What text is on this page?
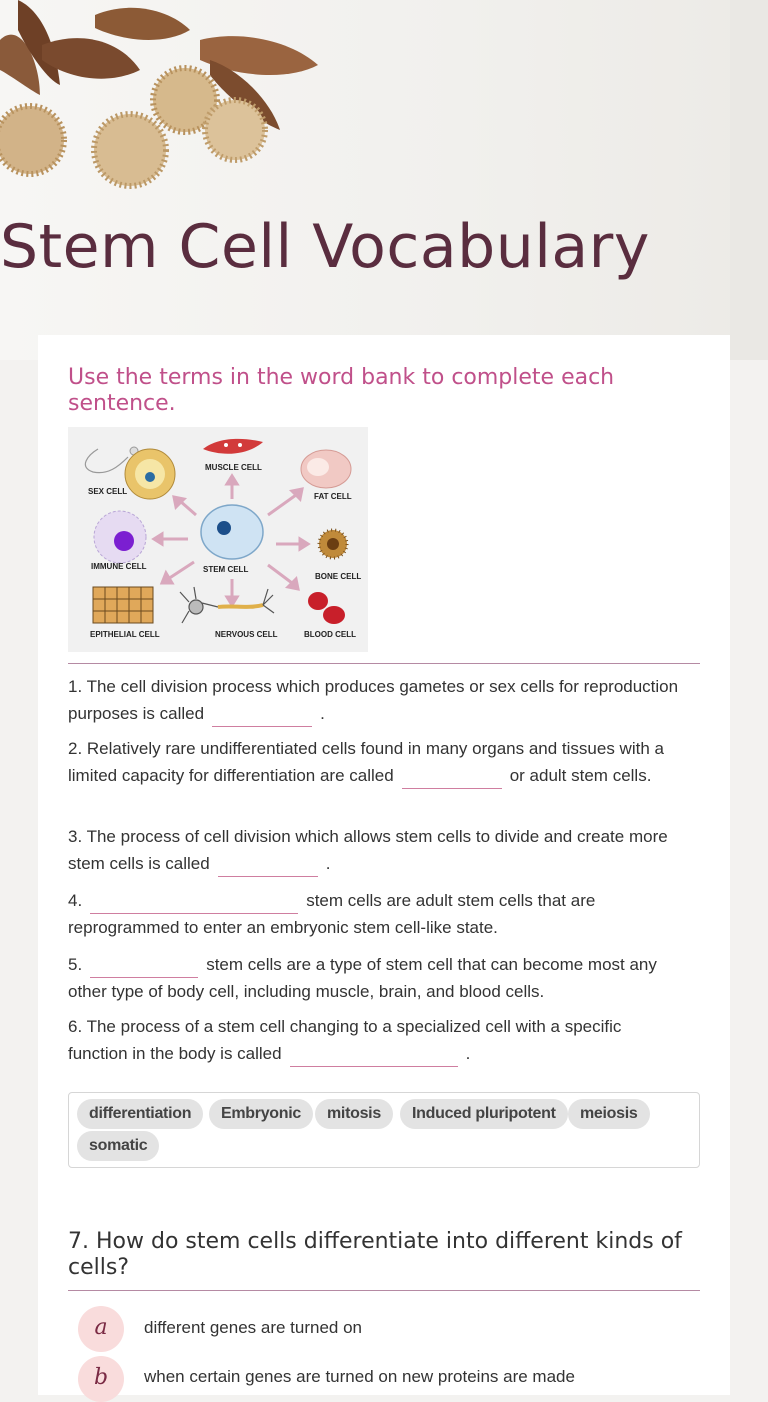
Stem Cell Vocabulary
Use the terms in the word bank to complete each sentence.
STEM CELL
SEX CELL
MUSCLE CELL
FAT CELL
IMMUNE CELL
BONE CELL
EPITHELIAL CELL	NERVOUS CELL	BLOOD CELL

1. The cell division process which produces gametes or sex cells for reproduction purposes is called	.

2. Relatively rare undifferentiated cells found in many organs and tissues with a limited capacity for differentiation are called	or adult stem cells.

3. The process of cell division which allows stem cells to divide and create more stem cells is called	.

4.	stem cells are adult stem cells that are reprogrammed to enter an embryonic stem cell-like state.

5.	stem cells are a type of stem cell that can become most any other type of body cell, including muscle, brain, and blood cells.

6. The process of a stem cell changing to a specialized cell with a specific function in the body is called	.

differentiation	Embryonic	mitosis	Induced pluripotent	meiosis
somatic
7. How do stem cells differentiate into different kinds of cells?
a	different genes are turned on
b	when certain genes are turned on new proteins are made
